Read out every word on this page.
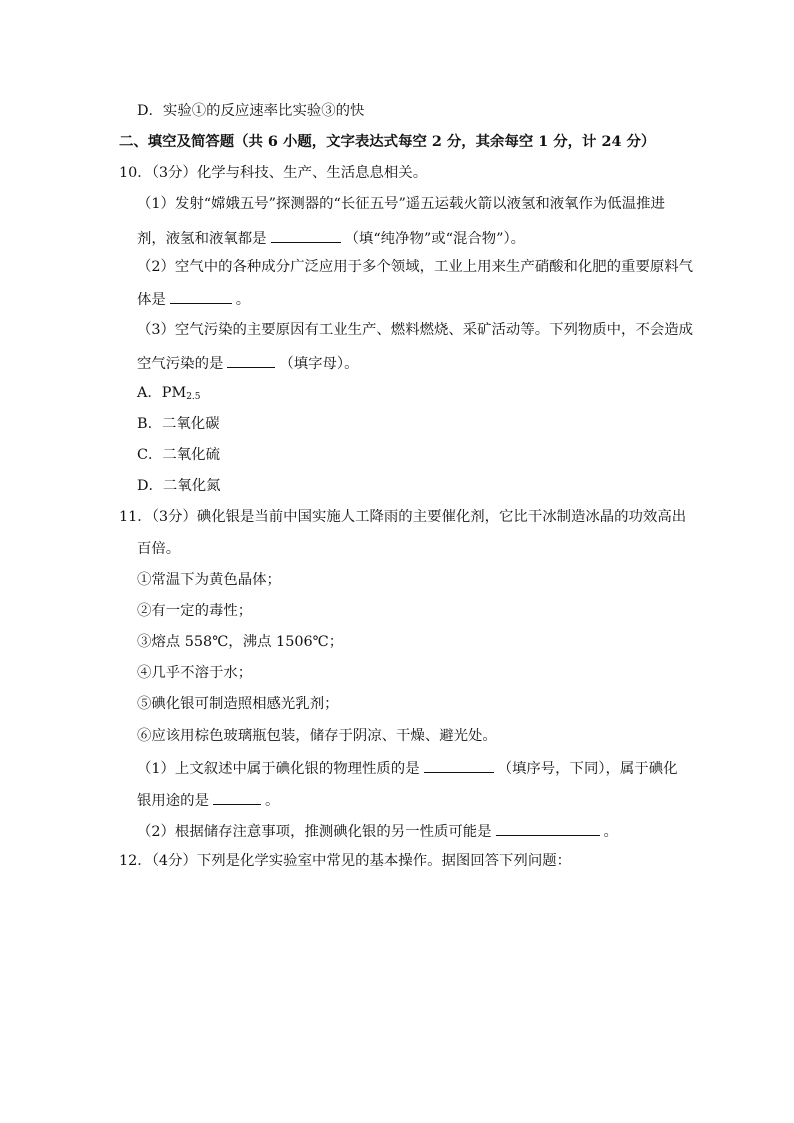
D．实验①的反应速率比实验③的快
二、填空及简答题（共 6 小题，文字表达式每空 2 分，其余每空 1 分，计 24 分）
10．（3分）化学与科技、生产、生活息息相关。
（1）发射“嫦娥五号”探测器的“长征五号”遥五运载火箭以液氢和液氧作为低温推进
剂，液氢和液氧都是	（填“纯净物”或“混合物”）。
（2）空气中的各种成分广泛应用于多个领域，工业上用来生产硝酸和化肥的重要原料气
体是	。
（3）空气污染的主要原因有工业生产、燃料燃烧、采矿活动等。下列物质中，不会造成
空气污染的是	（填字母）。
A．$PM_{2.5}$
B．二氧化碳
C．二氧化硫
D．二氧化氮
11．（3分）碘化银是当前中国实施人工降雨的主要催化剂，它比干冰制造冰晶的功效高出
百倍。
①常温下为黄色晶体；
②有一定的毒性；
③熔点 558℃，沸点 1506℃；
④几乎不溶于水；
⑤碘化银可制造照相感光乳剂；
⑥应该用棕色玻璃瓶包装，储存于阴凉、干燥、避光处。
（1）上文叙述中属于碘化银的物理性质的是	（填序号，下同），属于碘化
银用途的是	。
（2）根据储存注意事项，推测碘化银的另一性质可能是	。
12．（4分）下列是化学实验室中常见的基本操作。据图回答下列问题：
